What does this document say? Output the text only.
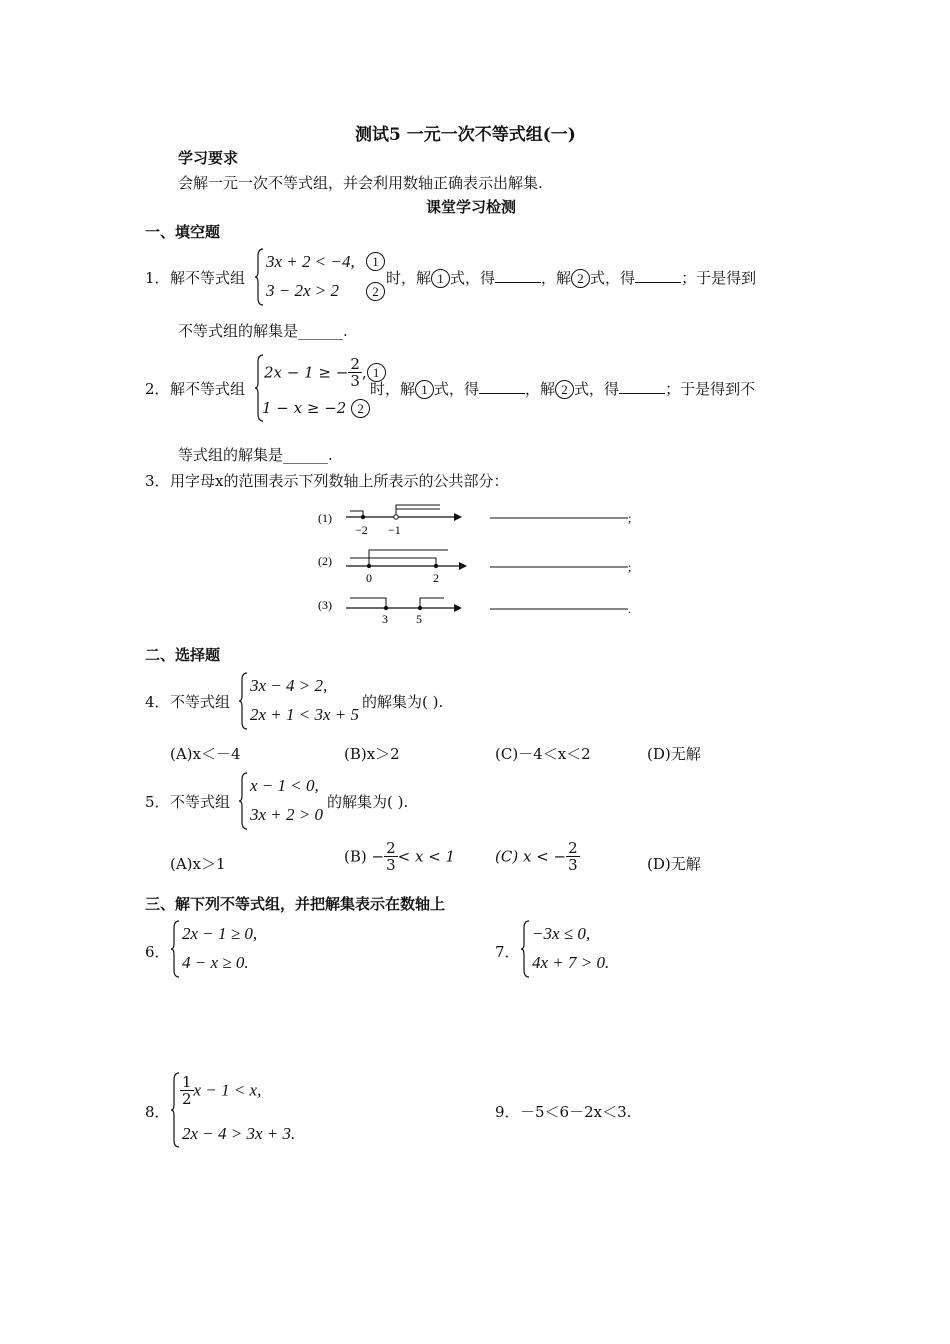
测试5 一元一次不等式组(一)
学习要求
会解一元一次不等式组，并会利用数轴正确表示出解集.
课堂学习检测
一、填空题
1． 解不等式组
3x + 2 < −4,
3 − 2x > 2
1
2
时，解 1 式，得	，解 2 式，得	；于是得到
不等式组的解集是______.
2． 解不等式组
2x − 1 ≥ − $\frac{2}{3}$ , 1
1 − x ≥ −2 2
时，解 1 式，得	，解 2 式，得	；于是得到不
等式组的解集是______.
3． 用字母x的范围表示下列数轴上所表示的公共部分：
(1)
−2 −1
;
(2)
0	2
;
(3)
3 5
.
二、选择题
4． 不等式组
3x − 4 > 2,
2x + 1 < 3x + 5
的解集为( ).
(A)x＜－4	(B)x＞2	(C)－4＜x＜2	(D)无解
5． 不等式组
x − 1 < 0,
3x + 2 > 0
的解集为( ).
(A)x＞1	$(B) - \frac{2}{3} < x < 1$	(C) x < − $\frac{2}{3}$	(D)无解
三、解下列不等式组，并把解集表示在数轴上
6．
2x − 1 ≥ 0,
4 − x ≥ 0.
7．
−3x ≤ 0,
4x + 7 > 0.
8．
$\frac{1}{2}$ x − 1 < x,
2x − 4 > 3x + 3.
9． －5＜6－2x＜3.
